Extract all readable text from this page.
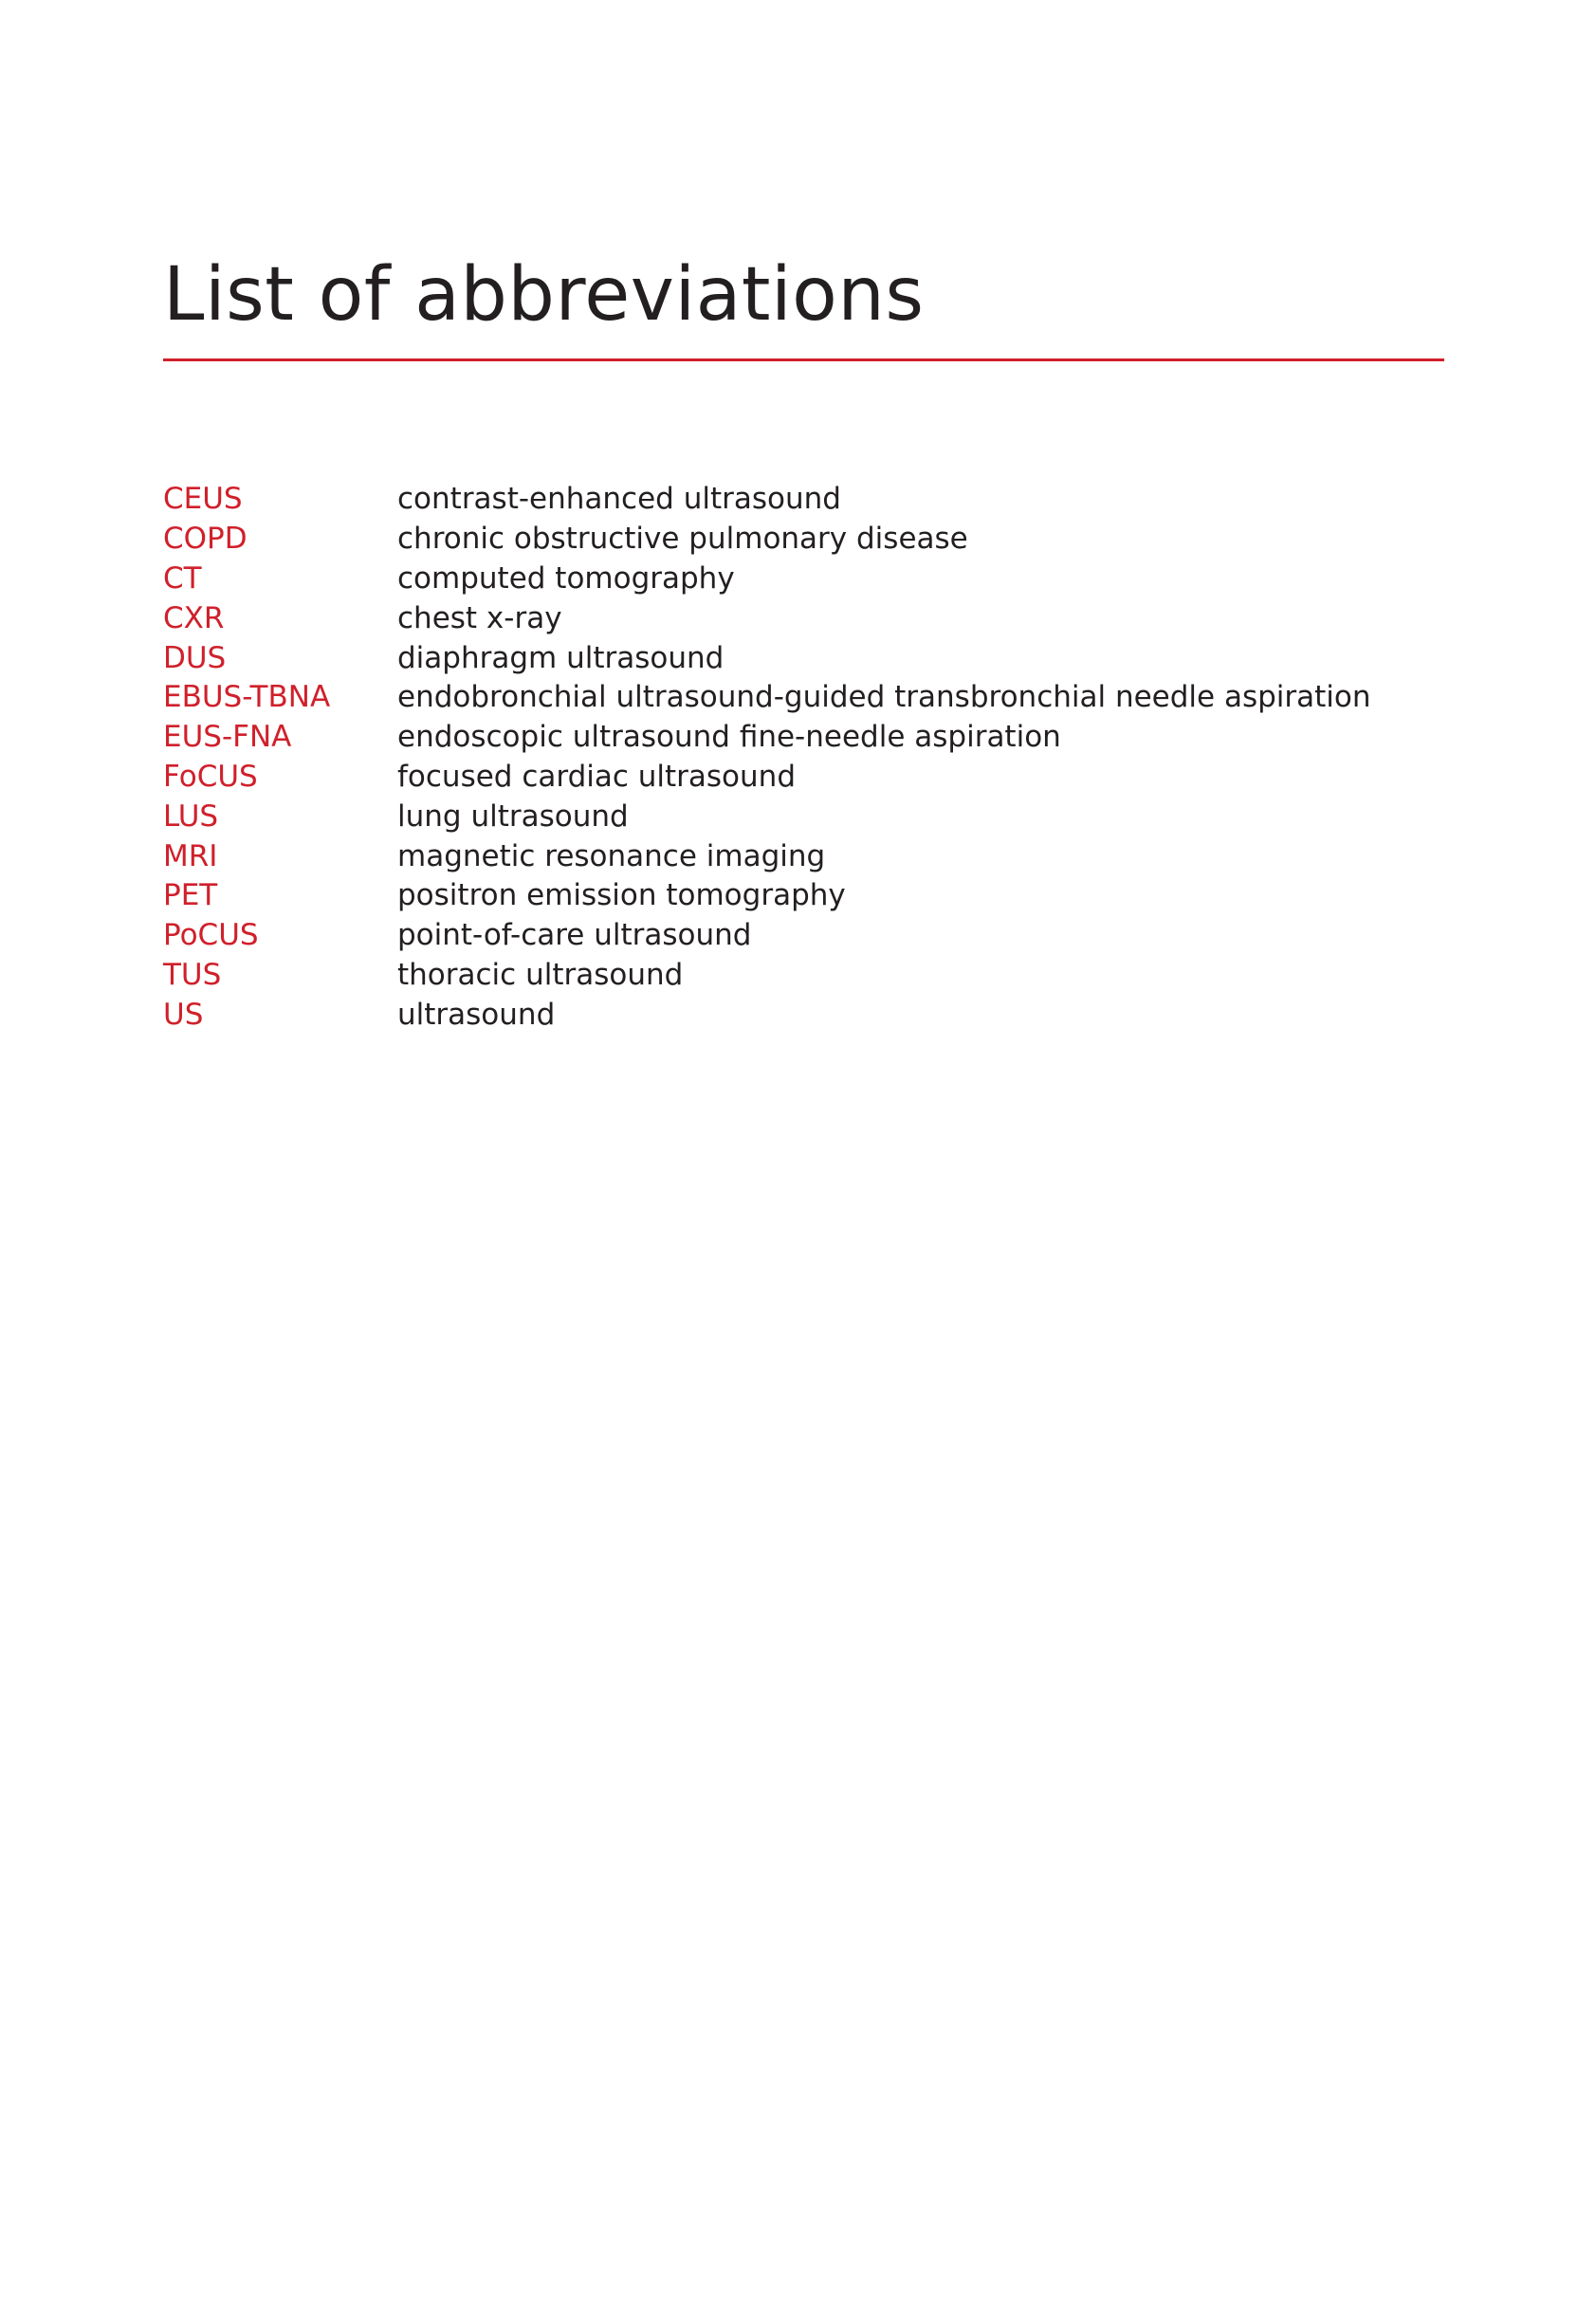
List of abbreviations
CEUS	contrast-enhanced ultrasound
COPD	chronic obstructive pulmonary disease
CT	computed tomography
CXR	chest x-ray
DUS	diaphragm ultrasound
EBUS-TBNA	endobronchial ultrasound-guided transbronchial needle aspiration
EUS-FNA	endoscopic ultrasound fine-needle aspiration
FoCUS	focused cardiac ultrasound
LUS	lung ultrasound
MRI	magnetic resonance imaging
PET	positron emission tomography
PoCUS	point-of-care ultrasound
TUS	thoracic ultrasound
US	ultrasound
